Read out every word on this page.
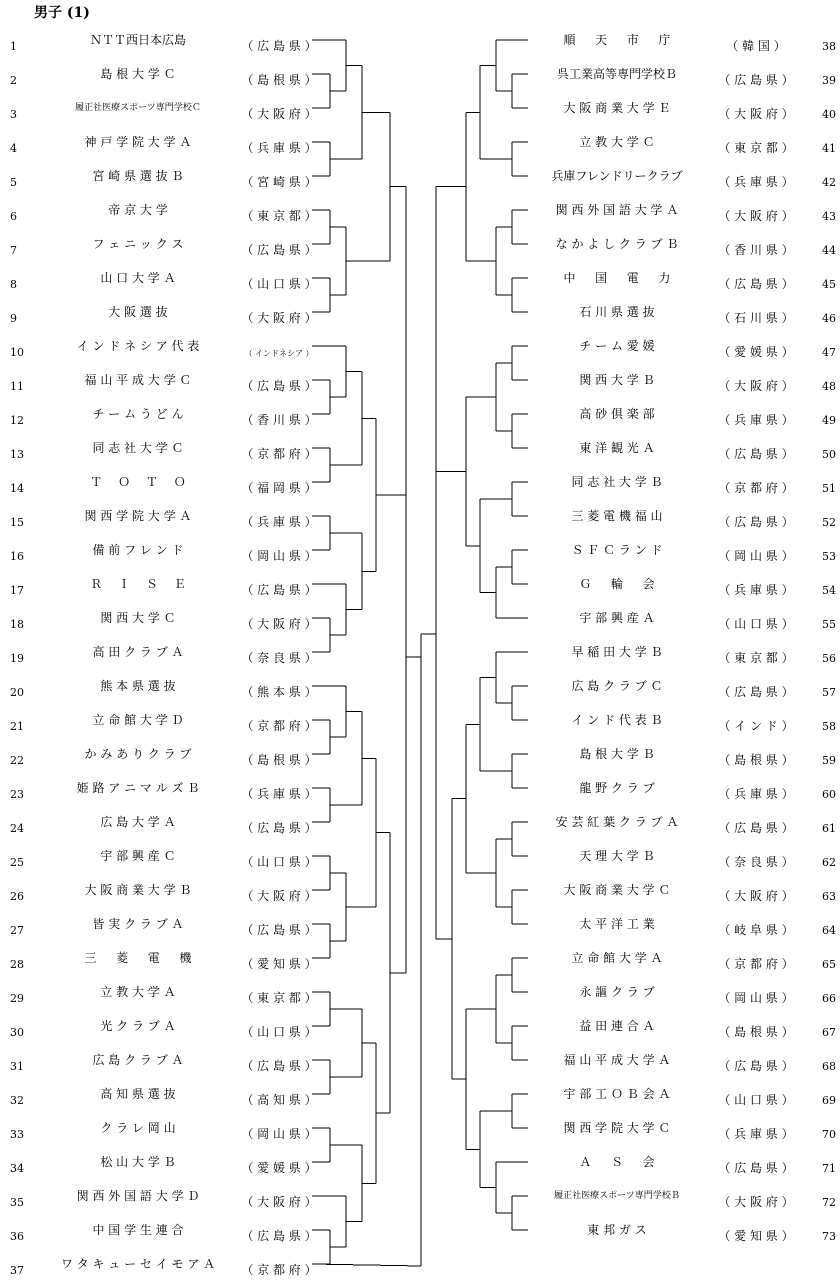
男子 (1)
1	ＮＴＴ西日本広島	（ 広 島 県 ）
2	島 根 大 学 Ｃ	（ 島 根 県 ）
3	履正社医療スポーツ専門学校Ｃ	（ 大 阪 府 ）
4	神 戸 学 院 大 学 Ａ	（ 兵 庫 県 ）
5	宮 崎 県 選 抜 Ｂ	（ 宮 崎 県 ）
6	帝 京 大 学	（ 東 京 都 ）
7	フ ェ ニ ッ ク ス	（ 広 島 県 ）
8	山 口 大 学 Ａ	（ 山 口 県 ）
9	大 阪 選 抜	（ 大 阪 府 ）
10	イ ン ド ネ シ ア 代 表（ インドネシア ）
11	福 山 平 成 大 学 Ｃ	（ 広 島 県 ）
12	チ ー ム う ど ん	（ 香 川 県 ）
13	同 志 社 大 学 Ｃ	（ 京 都 府 ）
14	Ｔ　 Ｏ　 Ｔ　 Ｏ	（ 福 岡 県 ）
15	関 西 学 院 大 学 Ａ	（ 兵 庫 県 ）
16	備 前 フ レ ン ド	（ 岡 山 県 ）
17	Ｒ　 Ｉ　 Ｓ　 Ｅ	（ 広 島 県 ）
18	関 西 大 学 Ｃ	（ 大 阪 府 ）
19	高 田 ク ラ ブ Ａ	（ 奈 良 県 ）
20	熊 本 県 選 抜	（ 熊 本 県 ）
21	立 命 館 大 学 Ｄ	（ 京 都 府 ）
22	か み あ り ク ラ ブ	（ 島 根 県 ）
23	姫 路 ア ニ マ ル ズ Ｂ	（ 兵 庫 県 ）
24	広 島 大 学 Ａ	（ 広 島 県 ）
25	宇 部 興 産 Ｃ	（ 山 口 県 ）
26	大 阪 商 業 大 学 Ｂ	（ 大 阪 府 ）
27	皆 実 ク ラ ブ Ａ	（ 広 島 県 ）
28	三 　 菱 　 電 　 機	（ 愛 知 県 ）
29	立 教 大 学 Ａ	（ 東 京 都 ）
30	光 ク ラ ブ Ａ	（ 山 口 県 ）
31	広 島 ク ラ ブ Ａ	（ 広 島 県 ）
32	高 知 県 選 抜	（ 高 知 県 ）
33	ク ラ レ 岡 山	（ 岡 山 県 ）
34	松 山 大 学 Ｂ	（ 愛 媛 県 ）
35	関 西 外 国 語 大 学 Ｄ	（ 大 阪 府 ）
36	中 国 学 生 連 合	（ 広 島 県 ）
37	ワ タ キ ュ ー セ イ モ ア Ａ （ 京 都 府 ）
順 　 天 　 市 　 庁	（ 韓 国 ）	38
呉工業高等専門学校Ｂ	（ 広 島 県 ）	39
大 阪 商 業 大 学 Ｅ	（ 大 阪 府 ）	40
立 教 大 学 Ｃ	（ 東 京 都 ）	41
兵庫フレンドリークラブ	（ 兵 庫 県 ）	42
関 西 外 国 語 大 学 Ａ	（ 大 阪 府 ）	43
な か よ し ク ラ ブ Ｂ	（ 香 川 県 ）	44
中 　 国 　 電 　 力	（ 広 島 県 ）	45
石 川 県 選 抜	（ 石 川 県 ）	46
チ ー ム 愛 媛	（ 愛 媛 県 ）	47
関 西 大 学 Ｂ	（ 大 阪 府 ）	48
高 砂 倶 楽 部	（ 兵 庫 県 ）	49
東 洋 観 光 Ａ	（ 広 島 県 ）	50
同 志 社 大 学 Ｂ	（ 京 都 府 ）	51
三 菱 電 機 福 山	（ 広 島 県 ）	52
Ｓ Ｆ Ｃ ラ ン ド	（ 岡 山 県 ）	53
Ｇ 　 輪 　 会	（ 兵 庫 県 ）	54
宇 部 興 産 Ａ	（ 山 口 県 ）	55
早 稲 田 大 学 Ｂ	（ 東 京 都 ）	56
広 島 ク ラ ブ Ｃ	（ 広 島 県 ）	57
イ ン ド 代 表 Ｂ	（ イ ン ド ）	58
島 根 大 学 Ｂ	（ 島 根 県 ）	59
龍 野 ク ラ ブ	（ 兵 庫 県 ）	60
安 芸 紅 葉 ク ラ ブ Ａ	（ 広 島 県 ）	61
天 理 大 学 Ｂ	（ 奈 良 県 ）	62
大 阪 商 業 大 学 Ｃ	（ 大 阪 府 ）	63
太 平 洋 工 業	（ 岐 阜 県 ）	64
立 命 館 大 学 Ａ	（ 京 都 府 ）	65
永 謳 ク ラ ブ	（ 岡 山 県 ）	66
益 田 連 合 Ａ	（ 島 根 県 ）	67
福 山 平 成 大 学 Ａ	（ 広 島 県 ）	68
宇 部 工 Ｏ Ｂ 会 Ａ	（ 山 口 県 ）	69
関 西 学 院 大 学 Ｃ	（ 兵 庫 県 ）	70
Ａ 　 Ｓ 　 会	（ 広 島 県 ）	71
履正社医療スポーツ専門学校Ｂ	（ 大 阪 府 ）	72
東 邦 ガ ス	（ 愛 知 県 ）	73
